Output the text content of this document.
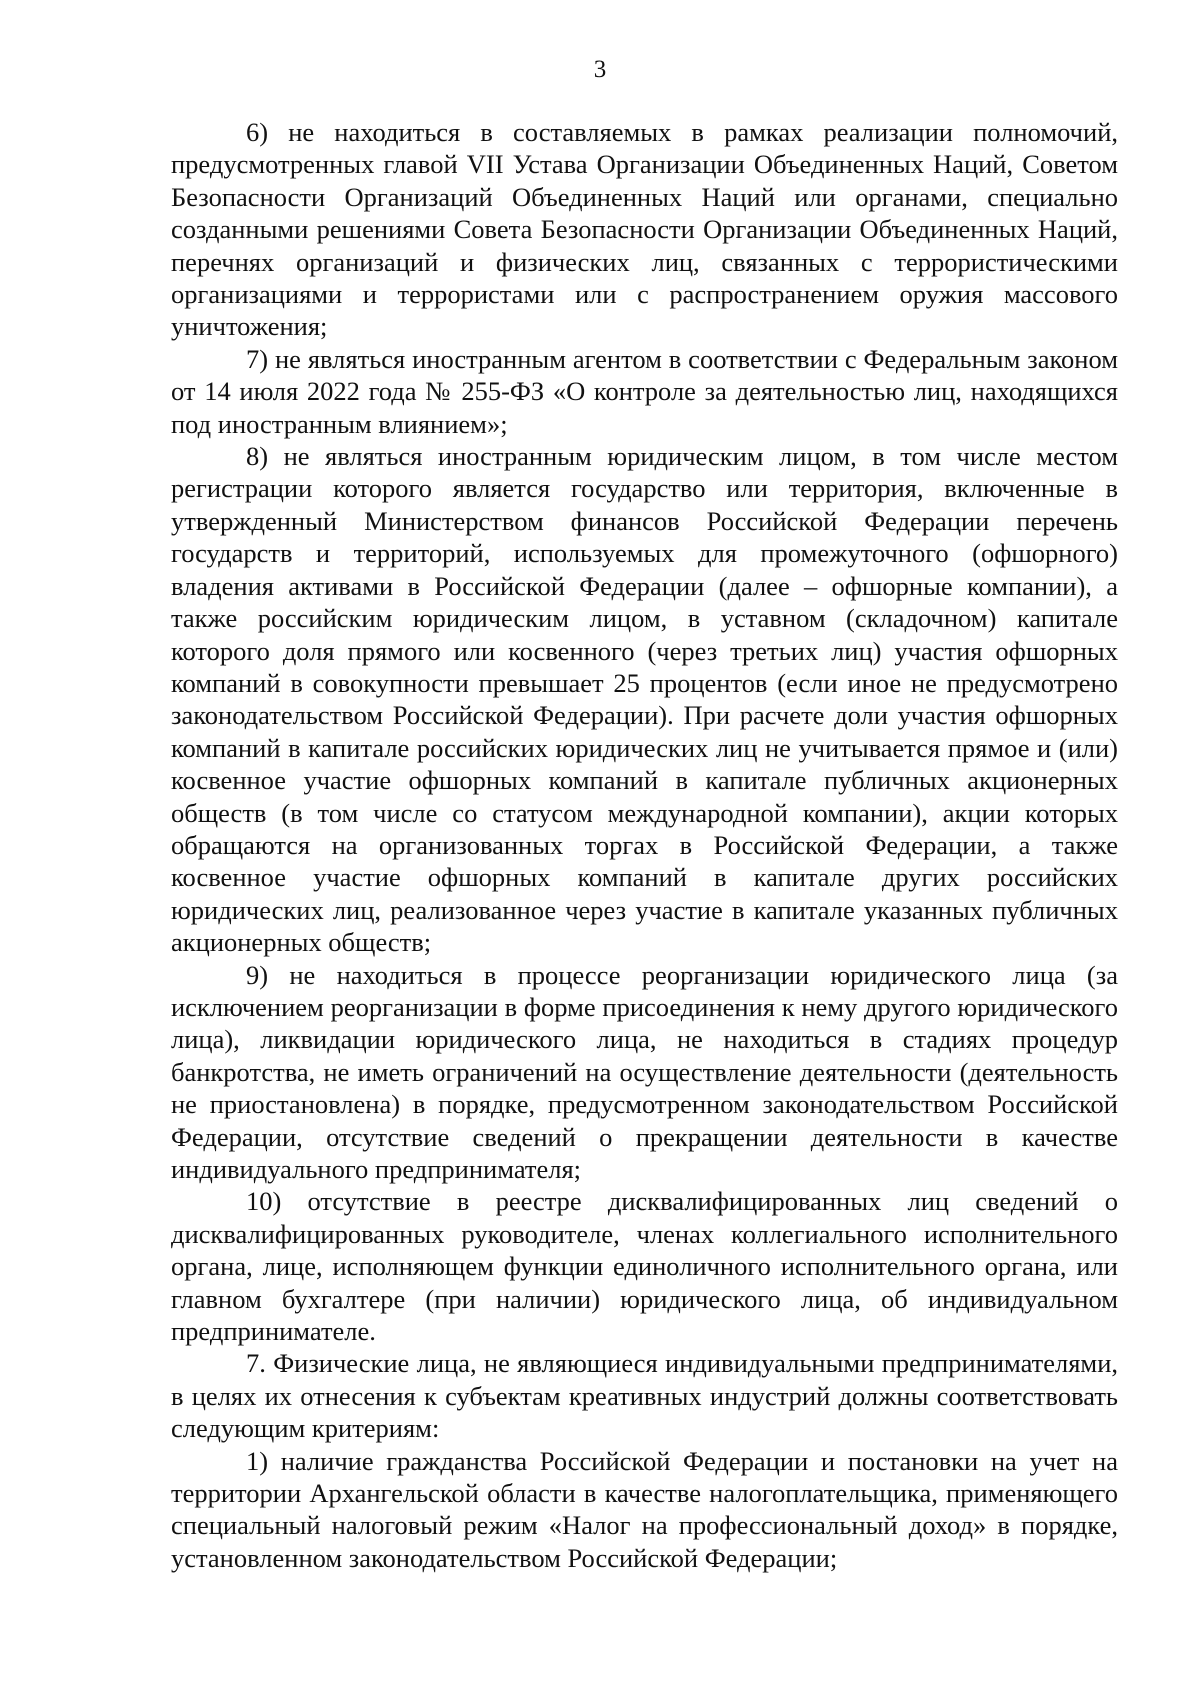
3

6) не находиться в составляемых в рамках реализации полномочий, предусмотренных главой VII Устава Организации Объединенных Наций, Советом Безопасности Организаций Объединенных Наций или органами, специально созданными решениями Совета Безопасности Организации Объединенных Наций, перечнях организаций и физических лиц, связанных с террористическими организациями и террористами или с распространением оружия массового уничтожения;

7) не являться иностранным агентом в соответствии с Федеральным законом от 14 июля 2022 года № 255-ФЗ «О контроле за деятельностью лиц, находящихся под иностранным влиянием»;

8) не являться иностранным юридическим лицом, в том числе местом регистрации которого является государство или территория, включенные в утвержденный Министерством финансов Российской Федерации перечень государств и территорий, используемых для промежуточного (офшорного) владения активами в Российской Федерации (далее – офшорные компании), а также российским юридическим лицом, в уставном (складочном) капитале которого доля прямого или косвенного (через третьих лиц) участия офшорных компаний в совокупности превышает 25 процентов (если иное не предусмотрено законодательством Российской Федерации). При расчете доли участия офшорных компаний в капитале российских юридических лиц не учитывается прямое и (или) косвенное участие офшорных компаний в капитале публичных акционерных обществ (в том числе со статусом международной компании), акции которых обращаются на организованных торгах в Российской Федерации, а также косвенное участие офшорных компаний в капитале других российских юридических лиц, реализованное через участие в капитале указанных публичных акционерных обществ;

9) не находиться в процессе реорганизации юридического лица (за исключением реорганизации в форме присоединения к нему другого юридического лица), ликвидации юридического лица, не находиться в стадиях процедур банкротства, не иметь ограничений на осуществление деятельности (деятельность не приостановлена) в порядке, предусмотренном законодательством Российской Федерации, отсутствие сведений о прекращении деятельности в качестве индивидуального предпринимателя;

10) отсутствие в реестре дисквалифицированных лиц сведений о дисквалифицированных руководителе, членах коллегиального исполнительного органа, лице, исполняющем функции единоличного исполнительного органа, или главном бухгалтере (при наличии) юридического лица, об индивидуальном предпринимателе.

7. Физические лица, не являющиеся индивидуальными предпринимателями, в целях их отнесения к субъектам креативных индустрий должны соответствовать следующим критериям:

1) наличие гражданства Российской Федерации и постановки на учет на территории Архангельской области в качестве налогоплательщика, применяющего специальный налоговый режим «Налог на профессиональный доход» в порядке, установленном законодательством Российской Федерации;
